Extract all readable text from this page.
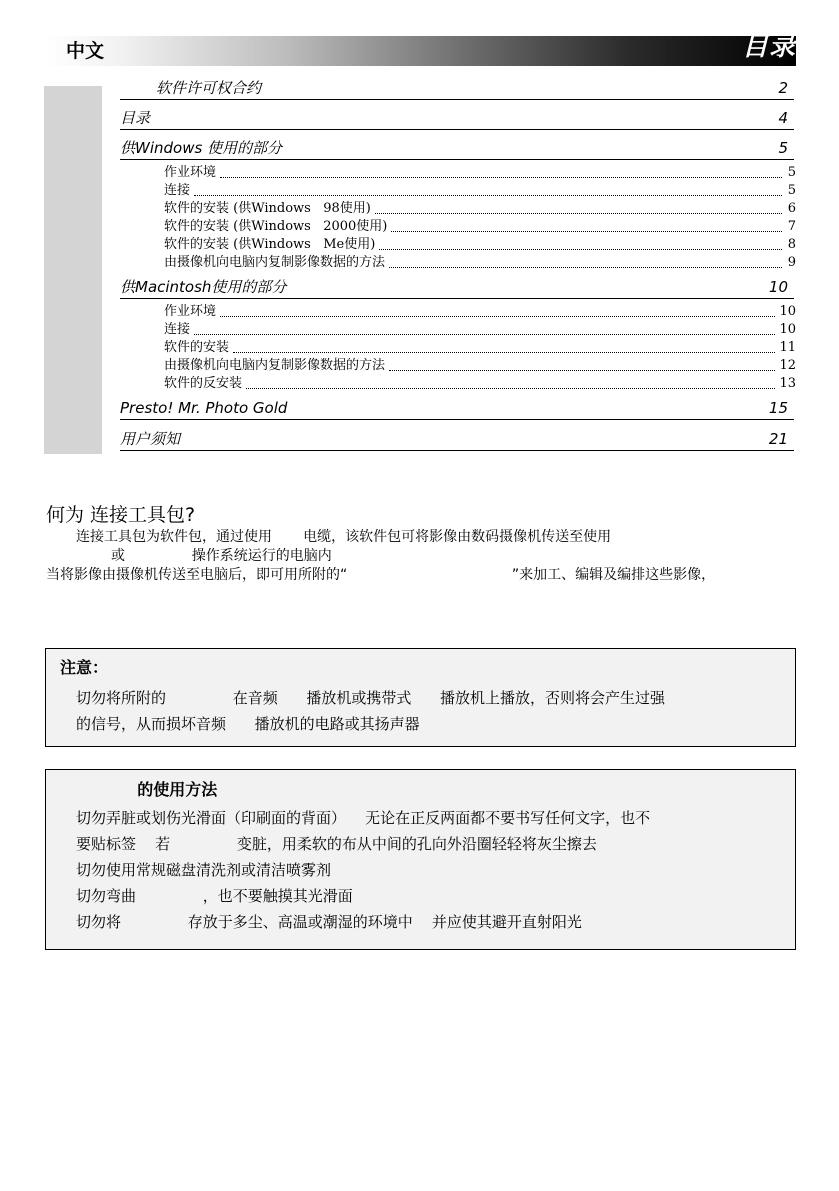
中文	目录
软件许可权合约	2
目录	4
供Windows 使用的部分	5
作业环境	5
连接	5
软件的安装 (供Windows   98使用)	6
软件的安装 (供Windows   2000使用)	7
软件的安装 (供Windows   Me使用)	8
由摄像机向电脑内复制影像数据的方法	9
供Macintosh使用的部分	10
作业环境	10
连接	10
软件的安装	11
由摄像机向电脑内复制影像数据的方法	12
软件的反安装	13
Presto! Mr. Photo Gold	15
用户须知	21
何为 连接工具包?
连接工具包为软件包，通过使用       电缆，该软件包可将影像由数码摄像机传送至使用
或               操作系统运行的电脑内
当将影像由摄像机传送至电脑后，即可用所附的“                                     ”来加工、编辑及编排这些影像，
注意：
切勿将所附的              在音频      播放机或携带式      播放机上播放，否则将会产生过强
的信号，从而损坏音频      播放机的电路或其扬声器
的使用方法
切勿弄脏或划伤光滑面（印刷面的背面）    无论在正反两面都不要书写任何文字，也不
要贴标签    若              变脏，用柔软的布从中间的孔向外沿圈轻轻将灰尘擦去
切勿使用常规磁盘清洗剂或清洁喷雾剂
切勿弯曲              ，也不要触摸其光滑面
切勿将              存放于多尘、高温或潮湿的环境中    并应使其避开直射阳光
